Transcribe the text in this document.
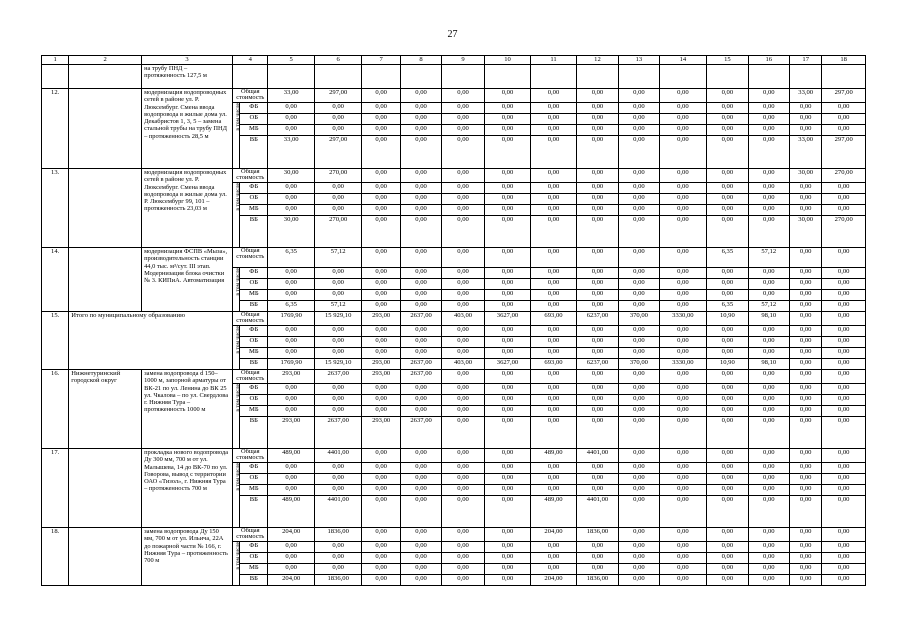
27
1	2	3	4		5	6	7	8	9	10	11	12	13	14	15	16	17	18
		на трубу ПНД – протяженность 127,5 м																
12.		модернизация водопроводных сетей в районе ул. Р. Люксембург. Смена ввода водопровода в жилые дома ул. Декабристов 1, 3, 5 – замена стальной трубы на трубу ПНД – протяженность 28,5 м	Общая стоимость		33,00	297,00	0,00	0,00	0,00	0,00	0,00	0,00	0,00	0,00	0,00	0,00	33,00	297,00
			в том числе	ФБ	0,00	0,00	0,00	0,00	0,00	0,00	0,00	0,00	0,00	0,00	0,00	0,00	0,00	0,00
				ОБ	0,00	0,00	0,00	0,00	0,00	0,00	0,00	0,00	0,00	0,00	0,00	0,00	0,00	0,00
				МБ	0,00	0,00	0,00	0,00	0,00	0,00	0,00	0,00	0,00	0,00	0,00	0,00	0,00	0,00
				ВБ	33,00	297,00	0,00	0,00	0,00	0,00	0,00	0,00	0,00	0,00	0,00	0,00	33,00	297,00
13.		модернизация водопроводных сетей в районе ул. Р. Люксембург. Смена ввода водопровода в жилые дома ул. Р. Люксембург 99, 101 – протяженность 23,03 м	Общая стоимость		30,00	270,00	0,00	0,00	0,00	0,00	0,00	0,00	0,00	0,00	0,00	0,00	30,00	270,00
			в том числе	ФБ	0,00	0,00	0,00	0,00	0,00	0,00	0,00	0,00	0,00	0,00	0,00	0,00	0,00	0,00
				ОБ	0,00	0,00	0,00	0,00	0,00	0,00	0,00	0,00	0,00	0,00	0,00	0,00	0,00	0,00
				МБ	0,00	0,00	0,00	0,00	0,00	0,00	0,00	0,00	0,00	0,00	0,00	0,00	0,00	0,00
				ВБ	30,00	270,00	0,00	0,00	0,00	0,00	0,00	0,00	0,00	0,00	0,00	0,00	30,00	270,00
14.		модернизация ФСПВ «Мыза», производительность станции 44,0 тыс. м³/сут. III этап. Модернизация блока очистки № 3. КИПиА. Автоматизация	Общая стоимость		6,35	57,12	0,00	0,00	0,00	0,00	0,00	0,00	0,00	0,00	6,35	57,12	0,00	0,00
			в том числе	ФБ	0,00	0,00	0,00	0,00	0,00	0,00	0,00	0,00	0,00	0,00	0,00	0,00	0,00	0,00
				ОБ	0,00	0,00	0,00	0,00	0,00	0,00	0,00	0,00	0,00	0,00	0,00	0,00	0,00	0,00
				МБ	0,00	0,00	0,00	0,00	0,00	0,00	0,00	0,00	0,00	0,00	0,00	0,00	0,00	0,00
				ВБ	6,35	57,12	0,00	0,00	0,00	0,00	0,00	0,00	0,00	0,00	6,35	57,12	0,00	0,00
15.	Итого по муниципальному образованию		Общая стоимость		1769,90	15 929,10	293,00	2637,00	403,00	3627,00	693,00	6237,00	370,00	3330,00	10,90	98,10	0,00	0,00
			в том числе	ФБ	0,00	0,00	0,00	0,00	0,00	0,00	0,00	0,00	0,00	0,00	0,00	0,00	0,00	0,00
				ОБ	0,00	0,00	0,00	0,00	0,00	0,00	0,00	0,00	0,00	0,00	0,00	0,00	0,00	0,00
				МБ	0,00	0,00	0,00	0,00	0,00	0,00	0,00	0,00	0,00	0,00	0,00	0,00	0,00	0,00
				ВБ	1769,90	15 929,10	293,00	2637,00	403,00	3627,00	693,00	6237,00	370,00	3330,00	10,90	98,10	0,00	0,00
16.	Нижнетуринский городской округ	замена водопровода d 150–1000 м, запорной арматуры от ВК-21 по ул. Ленина до ВК 25 ул. Чкалова – по ул. Свердлова г. Нижняя Тура – протяженность 1000 м	Общая стоимость		293,00	2637,00	293,00	2637,00	0,00	0,00	0,00	0,00	0,00	0,00	0,00	0,00	0,00	0,00
			в том числе	ФБ	0,00	0,00	0,00	0,00	0,00	0,00	0,00	0,00	0,00	0,00	0,00	0,00	0,00	0,00
				ОБ	0,00	0,00	0,00	0,00	0,00	0,00	0,00	0,00	0,00	0,00	0,00	0,00	0,00	0,00
				МБ	0,00	0,00	0,00	0,00	0,00	0,00	0,00	0,00	0,00	0,00	0,00	0,00	0,00	0,00
				ВБ	293,00	2637,00	293,00	2637,00	0,00	0,00	0,00	0,00	0,00	0,00	0,00	0,00	0,00	0,00
17.		прокладка нового водопровода Ду 300 мм, 700 м от ул. Малышева, 14 до ВК-70 по ул. Говорова, вывод с территории ОАО «Тизол», г. Нижняя Тура – протяженность 700 м	Общая стоимость		489,00	4401,00	0,00	0,00	0,00	0,00	489,00	4401,00	0,00	0,00	0,00	0,00	0,00	0,00
			в том числе	ФБ	0,00	0,00	0,00	0,00	0,00	0,00	0,00	0,00	0,00	0,00	0,00	0,00	0,00	0,00
				ОБ	0,00	0,00	0,00	0,00	0,00	0,00	0,00	0,00	0,00	0,00	0,00	0,00	0,00	0,00
				МБ	0,00	0,00	0,00	0,00	0,00	0,00	0,00	0,00	0,00	0,00	0,00	0,00	0,00	0,00
				ВБ	489,00	4401,00	0,00	0,00	0,00	0,00	489,00	4401,00	0,00	0,00	0,00	0,00	0,00	0,00
18.		замена водопровода Ду 150 мм, 700 м от ул. Ильича, 22А до пожарной части № 166, г. Нижняя Тура – протяженность 700 м	Общая стоимость		204,00	1836,00	0,00	0,00	0,00	0,00	204,00	1836,00	0,00	0,00	0,00	0,00	0,00	0,00
			в том числе	ФБ	0,00	0,00	0,00	0,00	0,00	0,00	0,00	0,00	0,00	0,00	0,00	0,00	0,00	0,00
				ОБ	0,00	0,00	0,00	0,00	0,00	0,00	0,00	0,00	0,00	0,00	0,00	0,00	0,00	0,00
				МБ	0,00	0,00	0,00	0,00	0,00	0,00	0,00	0,00	0,00	0,00	0,00	0,00	0,00	0,00
				ВБ	204,00	1836,00	0,00	0,00	0,00	0,00	204,00	1836,00	0,00	0,00	0,00	0,00	0,00	0,00
